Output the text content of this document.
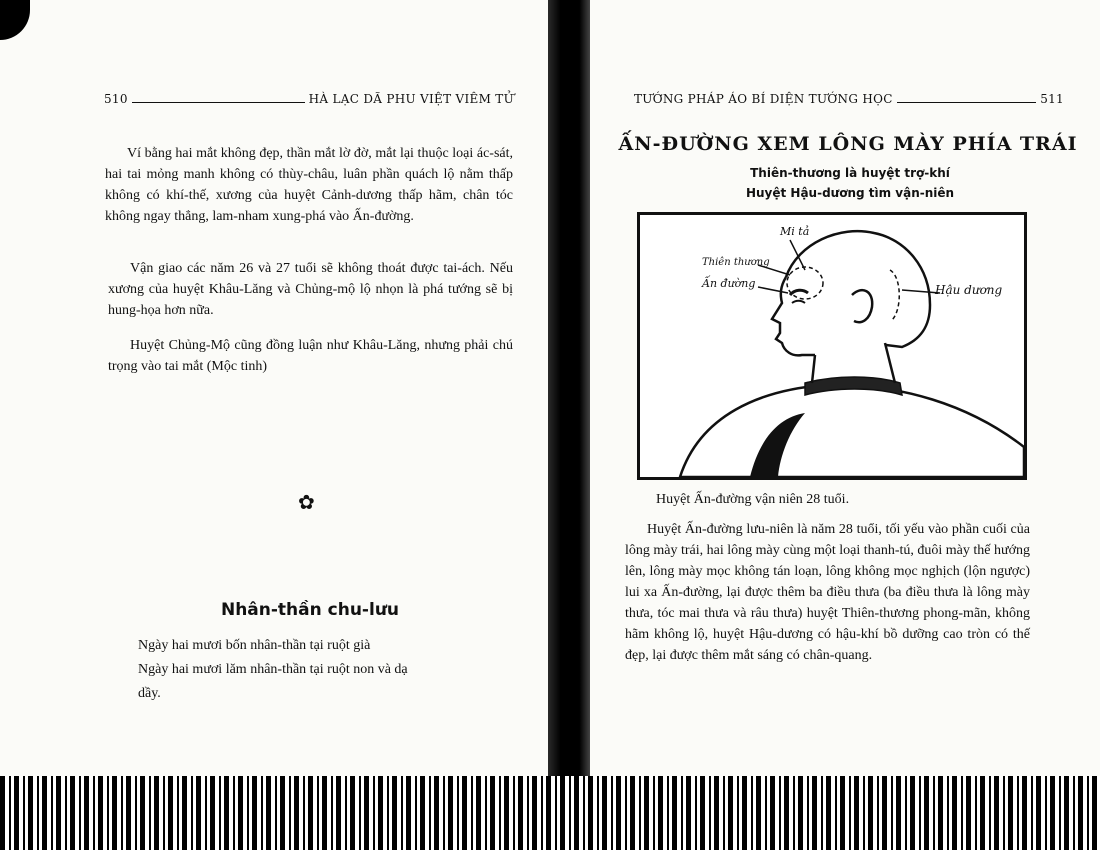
510	HÀ LẠC DÃ PHU VIỆT VIÊM TỬ
Ví bằng hai mắt không đẹp, thần mắt lờ đờ, mắt lại thuộc loại ác-sát, hai tai mỏng manh không có thùy-châu, luân phần quách lộ nằm thấp không có khí-thế, xương của huyệt Cảnh-dương thấp hãm, chân tóc không ngay thẳng, lam-nham xung-phá vào Ấn-đường.
Vận giao các năm 26 và 27 tuổi sẽ không thoát được tai-ách. Nếu xương của huyệt Khâu-Lăng và Chủng-mộ lộ nhọn là phá tướng sẽ bị hung-họa hơn nữa.
Huyệt Chủng-Mộ cũng đồng luận như Khâu-Lăng, nhưng phải chú trọng vào tai mắt (Mộc tinh)
✿
Nhân-thần chu-lưu
Ngày hai mươi bốn nhân-thần tại ruột già
Ngày hai mươi lăm nhân-thần tại ruột non và dạ
dầy.
TƯỚNG PHÁP ÁO BÍ DIỆN TƯỚNG HỌC	511
ẤN-ĐƯỜNG XEM LÔNG MÀY PHÍA TRÁI
Thiên-thương là huyệt trợ-khí
Huyệt Hậu-dương tìm vận-niên
Mi tả
Thiên thương
Ấn đường	Hậu dương
Huyệt Ấn-đường vận niên 28 tuổi.
Huyệt Ấn-đường lưu-niên là năm 28 tuổi, tối yếu vào phần cuối của lông mày trái, hai lông mày cùng một loại thanh-tú, đuôi mày thế hướng lên, lông mày mọc không tán loạn, lông không mọc nghịch (lộn ngược) lui xa Ấn-đường, lại được thêm ba điều thưa (ba điều thưa là lông mày thưa, tóc mai thưa và râu thưa) huyệt Thiên-thương phong-mãn, không hãm không lộ, huyệt Hậu-dương có hậu-khí bồ dưỡng cao tròn có thế đẹp, lại được thêm mắt sáng có chân-quang.
